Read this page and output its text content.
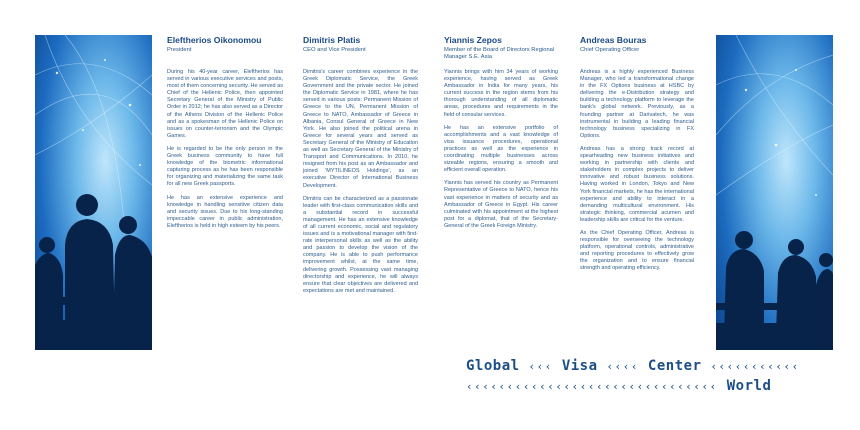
Eleftherios Oikonomou
President

During his 40-year career, Eleftherios has served in various executive services and posts, most of them concerning security. He served as Chief of the Hellenic Police, then appointed Secretary General of the Ministry of Public Order in 2012; he has also served as a Director of the Athens Division of the Hellenic Police and as a spokesman of the Hellenic Police on issues on counter-terrorism and the Olympic Games.

He is regarded to be the only person in the Greek business community to have full knowledge of the biometric informational capturing process as he has been responsible for organizing and materializing the same task for all new Greek passports.

He has an extensive experience and knowledge in handling sensitive citizen data and security issues. Due to his long-standing impeccable career in public administration, Eleftherios is held in high esteem by his peers.

Dimitris Platis
CEO and Vice President

Dimitris's career combines experience in the Greek Diplomatic Service, the Greek Government and the private sector. He joined the Diplomatic Service in 1981, where he has served in various posts: Permanent Mission of Greece to the UN, Permanent Mission of Greece to NATO, Ambassador of Greece in Albania, Consul General of Greece in New York. He also joined the political arena in Greece for several years and served as Secretary General of the Ministry of Education as well as Secretary General of the Ministry of Transport and Communications. In 2010, he resigned from his post as an Ambassador and joined 'MYTILINEOS Holdings', as an executive Director of International Business Development.

Dimitris can be characterized as a passionate leader with first-class communication skills and a substantial record in successful management. He has an extensive knowledge of all current economic, social and regulatory issues and is a motivational manager with first-rate interpersonal skills as well as the ability and passion to develop the vision of the company. He is able to push performance improvement whilst, at the same time, delivering growth. Possessing vast managing directorship and experience, he will always ensure that clear objectives are delivered and expectations are met and maintained.

Yiannis Zepos
Member of the Board of Directors Regional Manager S.E. Asia

Yiannis brings with him 34 years of working experience, having served as Greek Ambassador in India for many years, his current success in the region stems from his thorough understanding of all diplomatic areas, procedures and requirements in the field of consular services.

He has an extensive portfolio of accomplishments and a vast knowledge of visa issuance procedures, operational practices as well as the experience in coordinating multiple businesses across sizeable regions, ensuring a smooth and efficient overall operation.

Yiannis has served his country as Permanent Representative of Greece to NATO, hence his vast experience in matters of security and as Ambassador of Greece in Egypt. His career culminated with his appointment at the highest post for a diplomat, that of the Secretary-General of the Greek Foreign Ministry.

Andreas Bouras
Chief Operating Officer

Andreas is a highly experienced Business Manager, who led a transformational change in the FX Options business at HSBC by delivering the e-Distribution strategy and building a technology platform to leverage the bank's global network. Previously, as a founding partner at Darivatech, he was instrumental in building a leading financial technology business specializing in FX Options.

Andreas has a strong track record at spearheading new business initiatives and working in partnership with clients and stakeholders in complex projects to deliver innovative and robust business solutions. Having worked in London, Tokyo and New York financial markets, he has the international experience and ability to interact in a demanding multicultural environment. His strategic thinking, commercial acumen and leadership skills are critical for the venture.

As the Chief Operating Officer, Andreas is responsible for overseeing the technology platform, operational controls, administrative and reporting procedures to effectively grow the organization and to ensure financial strength and operating efficiency.

Global ‹‹‹ Visa ‹‹‹‹ Center ‹‹‹‹‹‹‹‹‹‹‹
‹‹‹‹‹‹‹‹‹‹‹‹‹‹‹‹‹‹‹‹‹‹‹‹‹‹‹‹‹‹‹ World
